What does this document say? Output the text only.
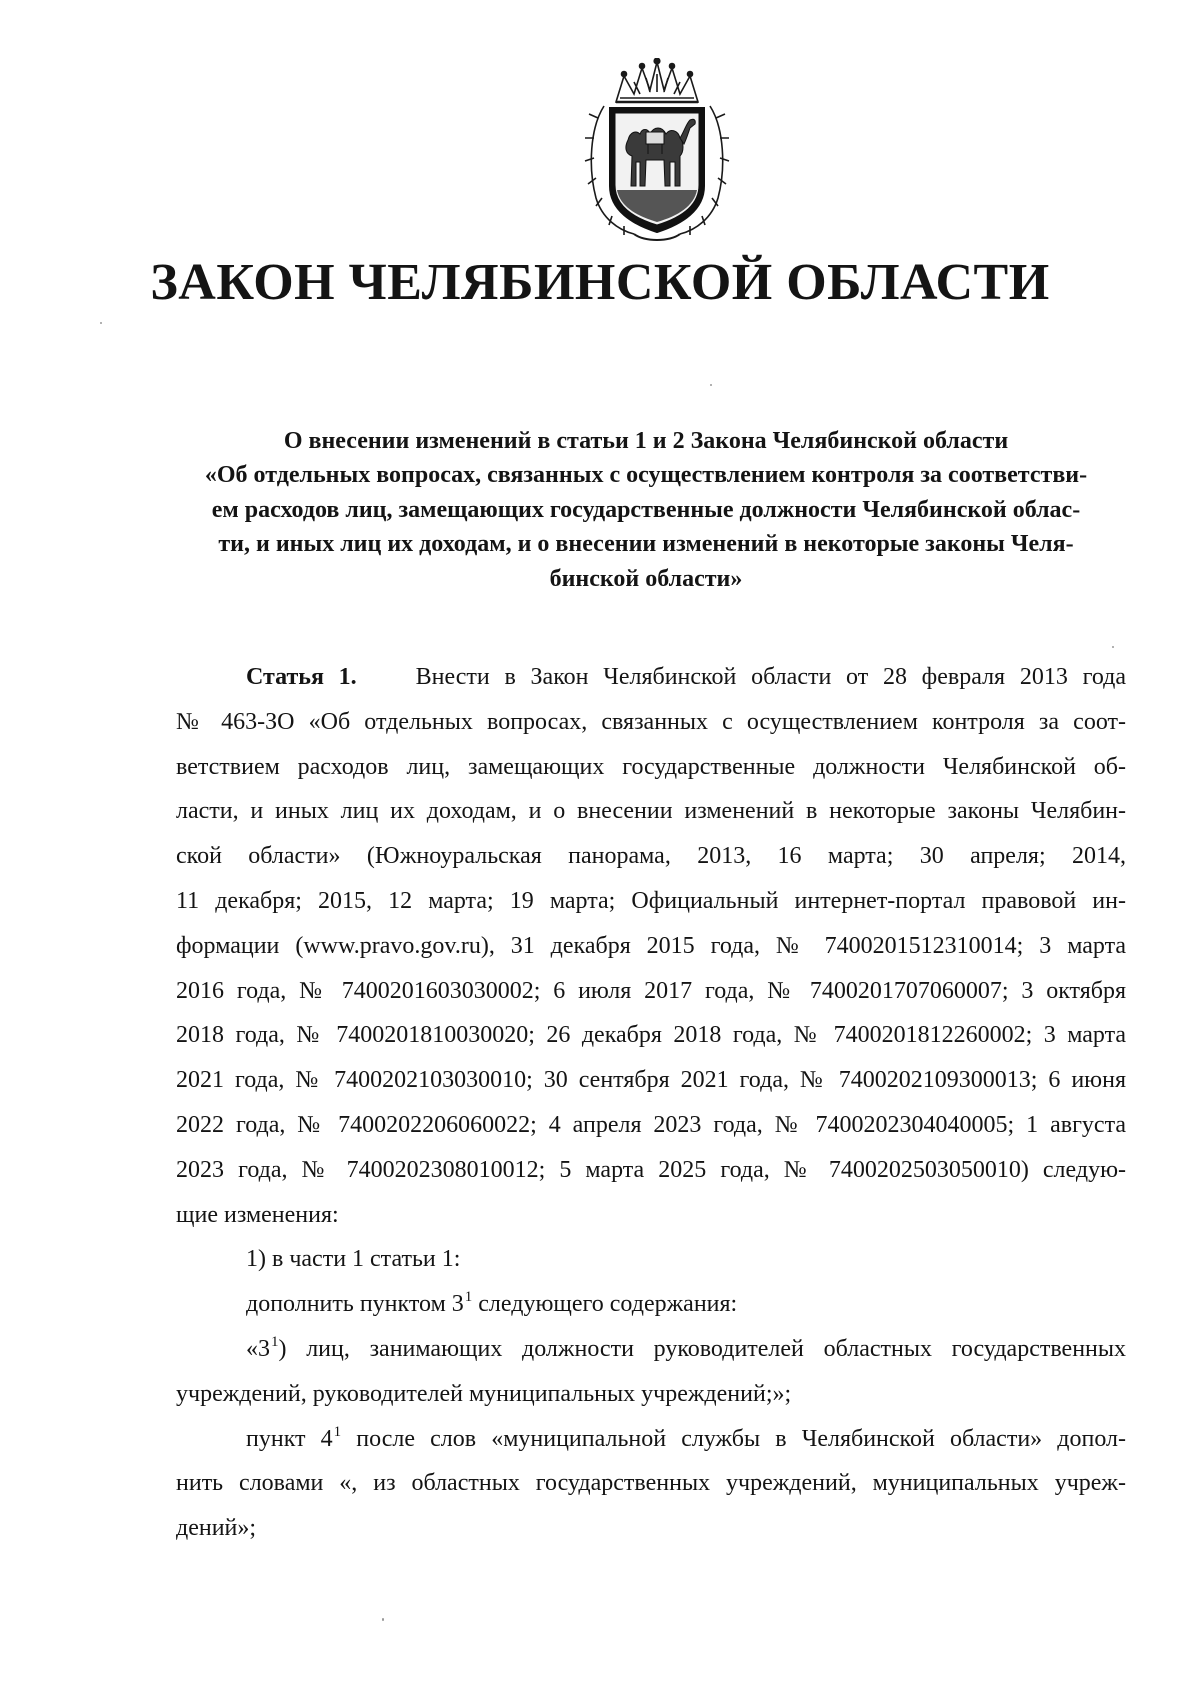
ЗАКОН ЧЕЛЯБИНСКОЙ ОБЛАСТИ
О внесении изменений в статьи 1 и 2 Закона Челябинской области
«Об отдельных вопросах, связанных с осуществлением контроля за соответстви-
ем расходов лиц, замещающих государственные должности Челябинской облас-
ти, и иных лиц их доходам, и о внесении изменений в некоторые законы Челя-
бинской области»
Статья 1. Внести в Закон Челябинской области от 28 февраля 2013 года
№ 463-ЗО «Об отдельных вопросах, связанных с осуществлением контроля за соот-
ветствием расходов лиц, замещающих государственные должности Челябинской об-
ласти, и иных лиц их доходам, и о внесении изменений в некоторые законы Челябин-
ской области» (Южноуральская панорама, 2013, 16 марта; 30 апреля; 2014,
11 декабря; 2015, 12 марта; 19 марта; Официальный интернет-портал правовой ин-
формации (www.pravo.gov.ru), 31 декабря 2015 года, № 7400201512310014; 3 марта
2016 года, № 7400201603030002; 6 июля 2017 года, № 7400201707060007; 3 октября
2018 года, № 7400201810030020; 26 декабря 2018 года, № 7400201812260002; 3 марта
2021 года, № 7400202103030010; 30 сентября 2021 года, № 7400202109300013; 6 июня
2022 года, № 7400202206060022; 4 апреля 2023 года, № 7400202304040005; 1 августа
2023 года, № 7400202308010012; 5 марта 2025 года, № 7400202503050010) следую-
щие изменения:
1) в части 1 статьи 1:
дополнить пунктом $3^1$ следующего содержания:
«$3^1$) лиц, занимающих должности руководителей областных государственных
учреждений, руководителей муниципальных учреждений;»;
пункт $4^1$ после слов «муниципальной службы в Челябинской области» допол-
нить словами «, из областных государственных учреждений, муниципальных учреж-
дений»;
